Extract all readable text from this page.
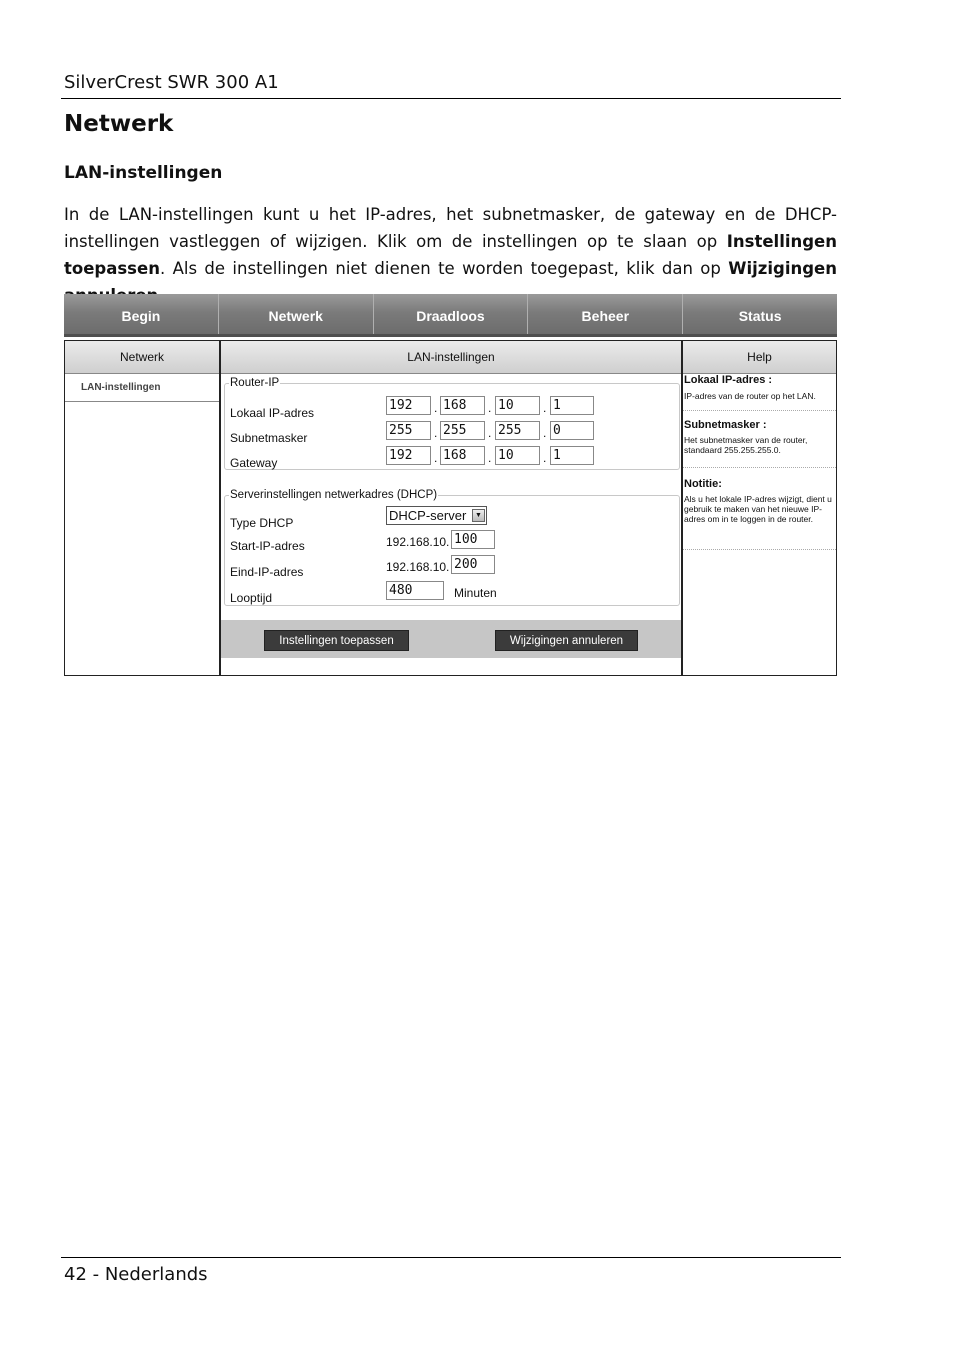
SilverCrest SWR 300 A1
Netwerk
LAN-instellingen
In de LAN-instellingen kunt u het IP-adres, het subnetmasker, de gateway en de DHCP-instellingen vastleggen of wijzigen. Klik om de instellingen op te slaan op Instellingen toepassen. Als de instellingen niet dienen te worden toegepast, klik dan op Wijzigingen
Begin	Netwerk	Draadloos	Beheer	Status
Netwerk
LAN-instellingen
LAN-instellingen
Router-IP
Lokaal IP-adres	192	. 168	. 10	. 1
Subnetmasker	255	. 255	. 255	. 0
Gateway	192	. 168	. 10	. 1
Serverinstellingen netwerkadres (DHCP)
Type DHCP	DHCP-server	▼
Start-IP-adres	192.168.10. 100
Eind-IP-adres	192.168.10. 200
Looptijd	480	Minuten
Instellingen toepassen	Wijzigingen annuleren
Help
Lokaal IP-adres :
IP-adres van de router op het LAN.
Subnetmasker :
Het subnetmasker van de router, standaard 255.255.255.0.
Notitie:
Als u het lokale IP-adres wijzigt, dient u gebruik te maken van het nieuwe IP-adres om in te loggen in de router.
42 - Nederlands
